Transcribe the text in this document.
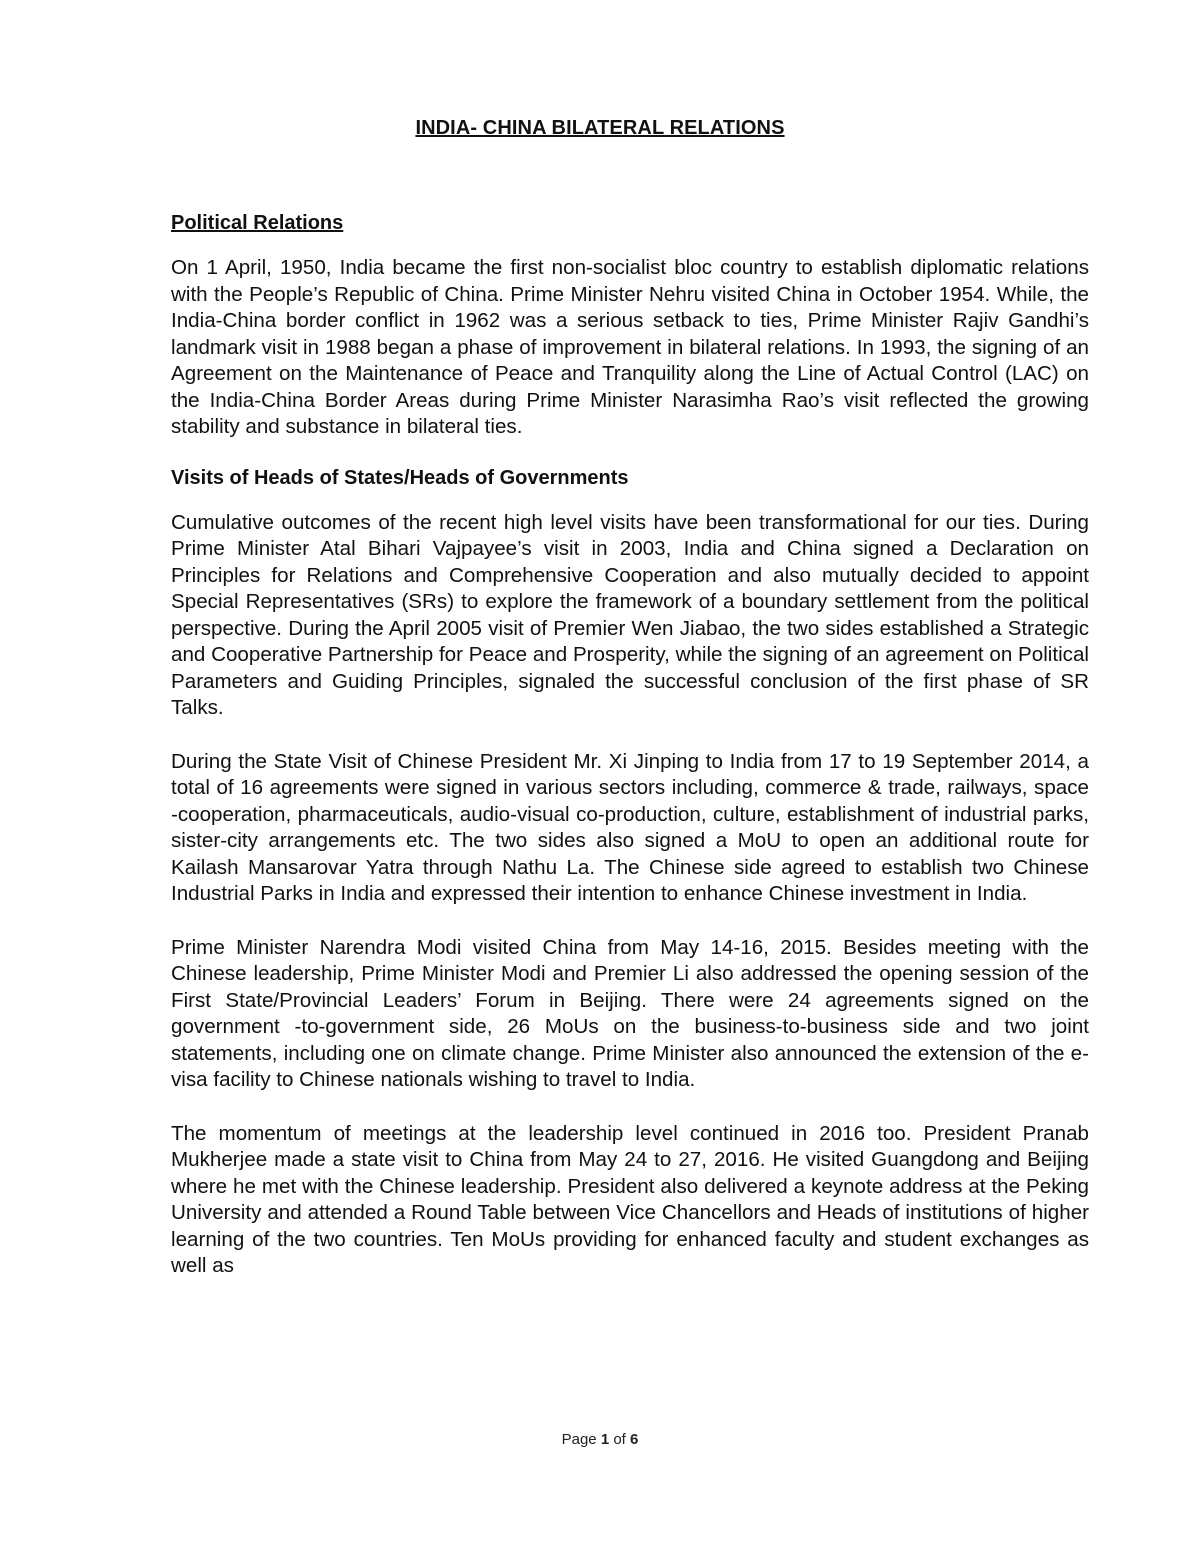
INDIA- CHINA BILATERAL RELATIONS
Political Relations

On 1 April, 1950, India became the first non-socialist bloc country to establish diplomatic relations with the People’s Republic of China. Prime Minister Nehru visited China in October 1954. While, the India-China border conflict in 1962 was a serious setback to ties, Prime Minister Rajiv Gandhi’s landmark visit in 1988 began a phase of improvement in bilateral relations. In 1993, the signing of an Agreement on the Maintenance of Peace and Tranquility along the Line of Actual Control (LAC) on the India-China Border Areas during Prime Minister Narasimha Rao’s visit reflected the growing stability and substance in bilateral ties.

Visits of Heads of States/Heads of Governments

Cumulative outcomes of the recent high level visits have been transformational for our ties. During Prime Minister Atal Bihari Vajpayee’s visit in 2003, India and China signed a Declaration on Principles for Relations and Comprehensive Cooperation and also mutually decided to appoint Special Representatives (SRs) to explore the framework of a boundary settlement from the political perspective. During the April 2005 visit of Premier Wen Jiabao, the two sides established a Strategic and Cooperative Partnership for Peace and Prosperity, while the signing of an agreement on Political Parameters and Guiding Principles, signaled the successful conclusion of the first phase of SR Talks.

During the State Visit of Chinese President Mr. Xi Jinping to India from 17 to 19 September 2014, a total of 16 agreements were signed in various sectors including, commerce & trade, railways, space -cooperation, pharmaceuticals, audio-visual co-production, culture, establishment of industrial parks, sister-city arrangements etc. The two sides also signed a MoU to open an additional route for Kailash Mansarovar Yatra through Nathu La. The Chinese side agreed to establish two Chinese Industrial Parks in India and expressed their intention to enhance Chinese investment in India.

Prime Minister Narendra Modi visited China from May 14-16, 2015. Besides meeting with the Chinese leadership, Prime Minister Modi and Premier Li also addressed the opening session of the First State/Provincial Leaders’ Forum in Beijing. There were 24 agreements signed on the government -to-government side, 26 MoUs on the business-to-business side and two joint statements, including one on climate change. Prime Minister also announced the extension of the e-visa facility to Chinese nationals wishing to travel to India.

The momentum of meetings at the leadership level continued in 2016 too. President Pranab Mukherjee made a state visit to China from May 24 to 27, 2016. He visited Guangdong and Beijing where he met with the Chinese leadership. President also delivered a keynote address at the Peking University and attended a Round Table between Vice Chancellors and Heads of institutions of higher learning of the two countries. Ten MoUs providing for enhanced faculty and student exchanges as well as

Page 1 of 6
